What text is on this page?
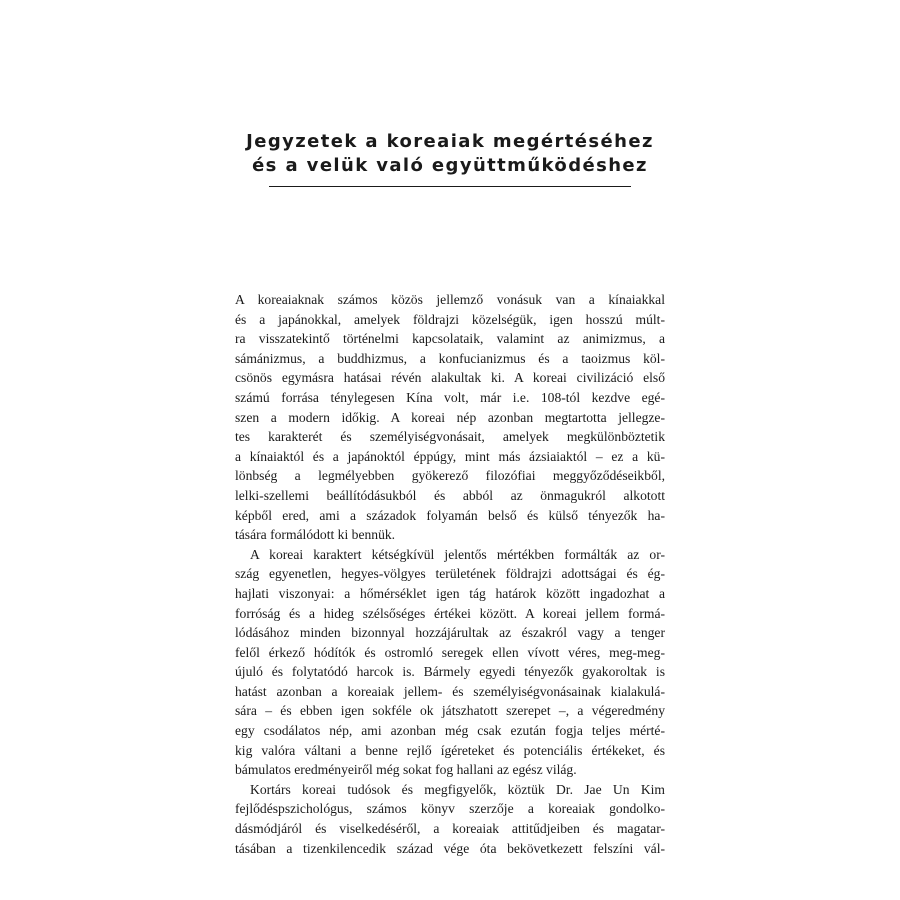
Jegyzetek a koreaiak megértéséhez
és a velük való együttműködéshez
A koreaiaknak számos közös jellemző vonásuk van a kínaiakkal
és a japánokkal, amelyek földrajzi közelségük, igen hosszú múlt-
ra visszatekintő történelmi kapcsolataik, valamint az animizmus, a
sámánizmus, a buddhizmus, a konfucianizmus és a taoizmus köl-
csönös egymásra hatásai révén alakultak ki. A koreai civilizáció első
számú forrása ténylegesen Kína volt, már i.e. 108-tól kezdve egé-
szen a modern időkig. A koreai nép azonban megtartotta jellegze-
tes karakterét és személyiségvonásait, amelyek megkülönböztetik
a kínaiaktól és a japánoktól éppúgy, mint más ázsiaiaktól – ez a kü-
lönbség a legmélyebben gyökerező filozófiai meggyőződéseikből,
lelki-szellemi beállítódásukból és abból az önmagukról alkotott
képből ered, ami a századok folyamán belső és külső tényezők ha-
tására formálódott ki bennük.
A koreai karaktert kétségkívül jelentős mértékben formálták az or-
szág egyenetlen, hegyes-völgyes területének földrajzi adottságai és ég-
hajlati viszonyai: a hőmérséklet igen tág határok között ingadozhat a
forróság és a hideg szélsőséges értékei között. A koreai jellem formá-
lódásához minden bizonnyal hozzájárultak az északról vagy a tenger
felől érkező hódítók és ostromló seregek ellen vívott véres, meg-meg-
újuló és folytatódó harcok is. Bármely egyedi tényezők gyakoroltak is
hatást azonban a koreaiak jellem- és személyiségvonásainak kialakulá-
sára – és ebben igen sokféle ok játszhatott szerepet –, a végeredmény
egy csodálatos nép, ami azonban még csak ezután fogja teljes mérté-
kig valóra váltani a benne rejlő ígéreteket és potenciális értékeket, és
bámulatos eredményeiről még sokat fog hallani az egész világ.
Kortárs koreai tudósok és megfigyelők, köztük Dr. Jae Un Kim
fejlődéspszichológus, számos könyv szerzője a koreaiak gondolko-
dásmódjáról és viselkedéséről, a koreaiak attitűdjeiben és magatar-
tásában a tizenkilencedik század vége óta bekövetkezett felszíni vál-
